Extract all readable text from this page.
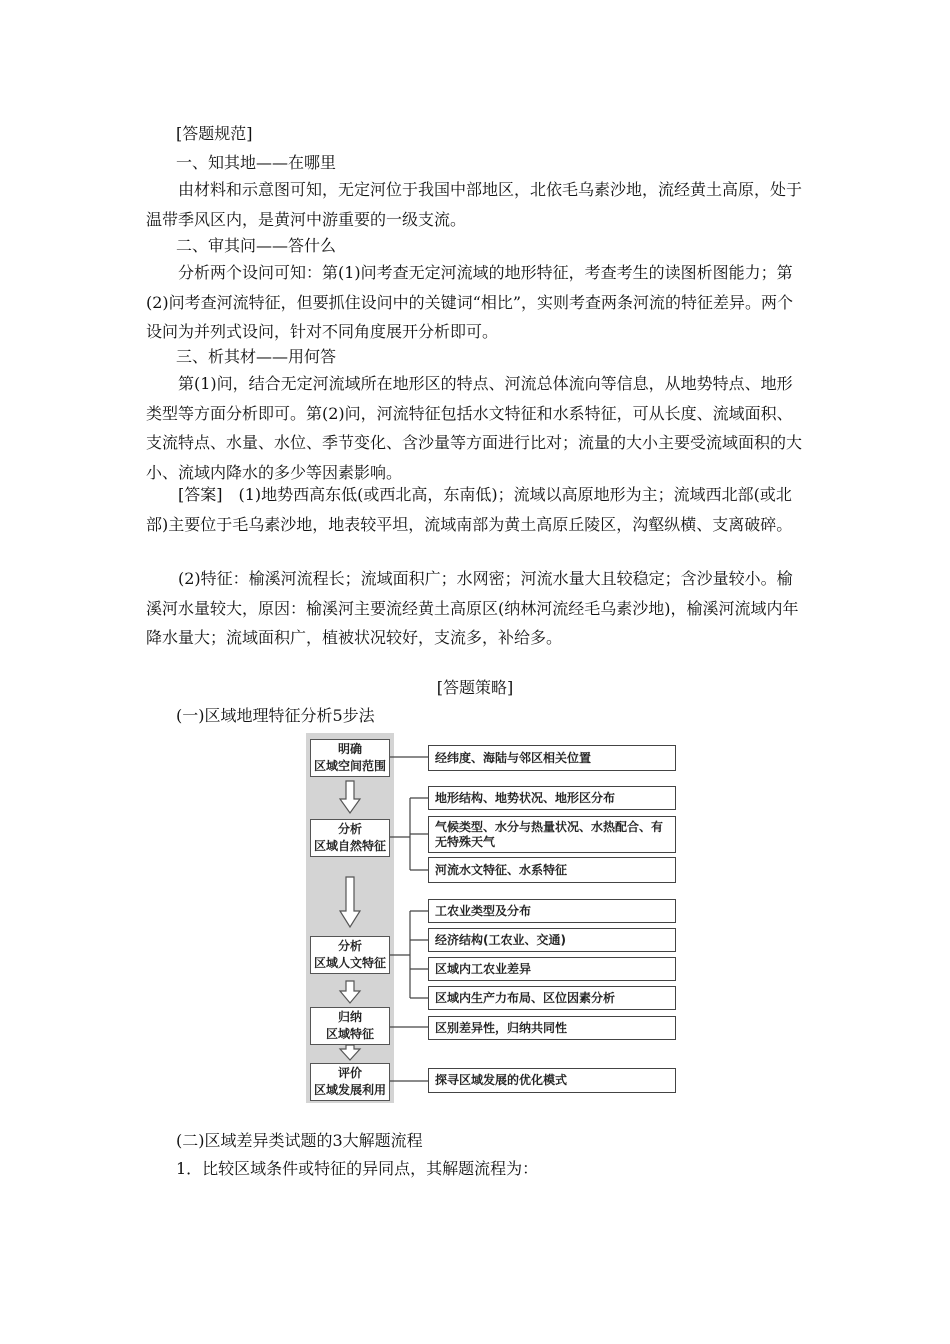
[答题规范]
一、知其地——在哪里
由材料和示意图可知，无定河位于我国中部地区，北依毛乌素沙地，流经黄土高原，处于温带季风区内，是黄河中游重要的一级支流。
二、审其问——答什么
分析两个设问可知：第(1)问考查无定河流域的地形特征，考查考生的读图析图能力；第(2)问考查河流特征，但要抓住设问中的关键词“相比”，实则考查两条河流的特征差异。两个设问为并列式设问，针对不同角度展开分析即可。
三、析其材——用何答
第(1)问，结合无定河流域所在地形区的特点、河流总体流向等信息，从地势特点、地形类型等方面分析即可。第(2)问，河流特征包括水文特征和水系特征，可从长度、流域面积、支流特点、水量、水位、季节变化、含沙量等方面进行比对；流量的大小主要受流域面积的大小、流域内降水的多少等因素影响。
[答案]　(1)地势西高东低(或西北高，东南低)；流域以高原地形为主；流域西北部(或北部)主要位于毛乌素沙地，地表较平坦，流域南部为黄土高原丘陵区，沟壑纵横、支离破碎。
(2)特征：榆溪河流程长；流域面积广；水网密；河流水量大且较稳定；含沙量较小。榆溪河水量较大，原因：榆溪河主要流经黄土高原区(纳林河流经毛乌素沙地)，榆溪河流域内年降水量大；流域面积广，植被状况较好，支流多，补给多。
[答题策略]
(一)区域地理特征分析5步法
明确
区域空间范围
分析
区域自然特征
分析
区域人文特征
归纳
区域特征
评价
区域发展利用
经纬度、海陆与邻区相关位置
地形结构、地势状况、地形区分布
气候类型、水分与热量状况、水热配合、有无特殊天气
河流水文特征、水系特征
工农业类型及分布
经济结构(工农业、交通)
区域内工农业差异
区域内生产力布局、区位因素分析
区别差异性，归纳共同性
探寻区域发展的优化模式
(二)区域差异类试题的3大解题流程
1．比较区域条件或特征的异同点，其解题流程为：
